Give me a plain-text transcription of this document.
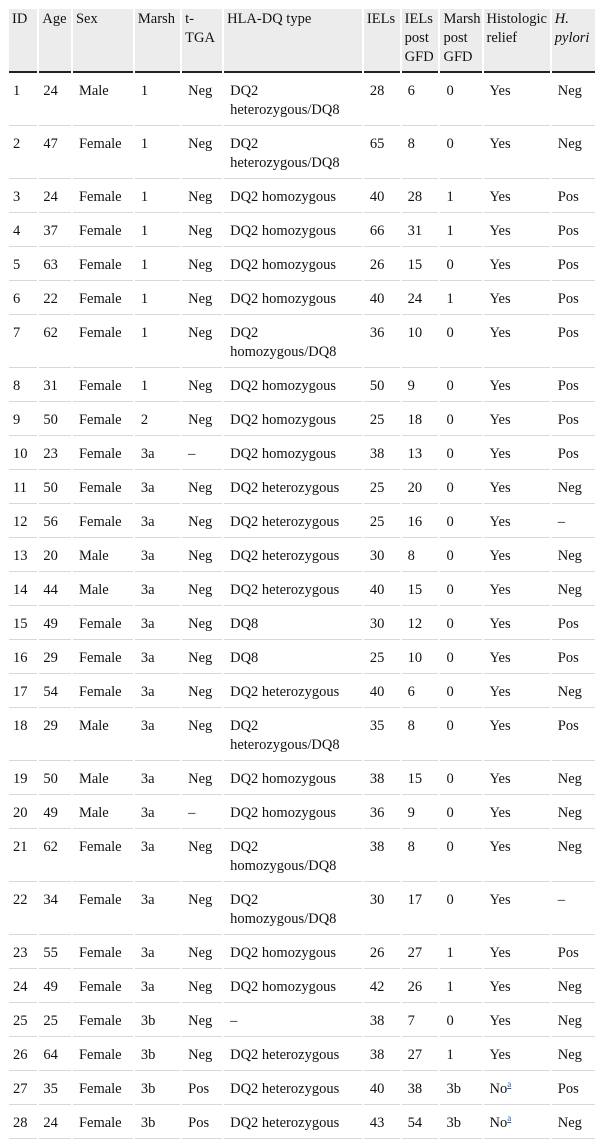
ID	Age	Sex	Marsh	t-TGA	HLA-DQ type	IELs	IELs post GFD	Marsh post GFD	Histologic relief	H. pylori
1	24	Male	1	Neg	DQ2 heterozygous/DQ8	28	6	0	Yes	Neg
2	47	Female	1	Neg	DQ2 heterozygous/DQ8	65	8	0	Yes	Neg
3	24	Female	1	Neg	DQ2 homozygous	40	28	1	Yes	Pos
4	37	Female	1	Neg	DQ2 homozygous	66	31	1	Yes	Pos
5	63	Female	1	Neg	DQ2 homozygous	26	15	0	Yes	Pos
6	22	Female	1	Neg	DQ2 homozygous	40	24	1	Yes	Pos
7	62	Female	1	Neg	DQ2 homozygous/DQ8	36	10	0	Yes	Pos
8	31	Female	1	Neg	DQ2 homozygous	50	9	0	Yes	Pos
9	50	Female	2	Neg	DQ2 homozygous	25	18	0	Yes	Pos
10	23	Female	3a	–	DQ2 homozygous	38	13	0	Yes	Pos
11	50	Female	3a	Neg	DQ2 heterozygous	25	20	0	Yes	Neg
12	56	Female	3a	Neg	DQ2 heterozygous	25	16	0	Yes	–
13	20	Male	3a	Neg	DQ2 heterozygous	30	8	0	Yes	Neg
14	44	Male	3a	Neg	DQ2 heterozygous	40	15	0	Yes	Neg
15	49	Female	3a	Neg	DQ8	30	12	0	Yes	Pos
16	29	Female	3a	Neg	DQ8	25	10	0	Yes	Pos
17	54	Female	3a	Neg	DQ2 heterozygous	40	6	0	Yes	Neg
18	29	Male	3a	Neg	DQ2 heterozygous/DQ8	35	8	0	Yes	Pos
19	50	Male	3a	Neg	DQ2 homozygous	38	15	0	Yes	Neg
20	49	Male	3a	–	DQ2 homozygous	36	9	0	Yes	Neg
21	62	Female	3a	Neg	DQ2 homozygous/DQ8	38	8	0	Yes	Neg
22	34	Female	3a	Neg	DQ2 homozygous/DQ8	30	17	0	Yes	–
23	55	Female	3a	Neg	DQ2 homozygous	26	27	1	Yes	Pos
24	49	Female	3a	Neg	DQ2 homozygous	42	26	1	Yes	Neg
25	25	Female	3b	Neg	–	38	7	0	Yes	Neg
26	64	Female	3b	Neg	DQ2 heterozygous	38	27	1	Yes	Neg
27	35	Female	3b	Pos	DQ2 heterozygous	40	38	3b	No$^a$	Pos
28	24	Female	3b	Pos	DQ2 heterozygous	43	54	3b	No$^a$	Neg
